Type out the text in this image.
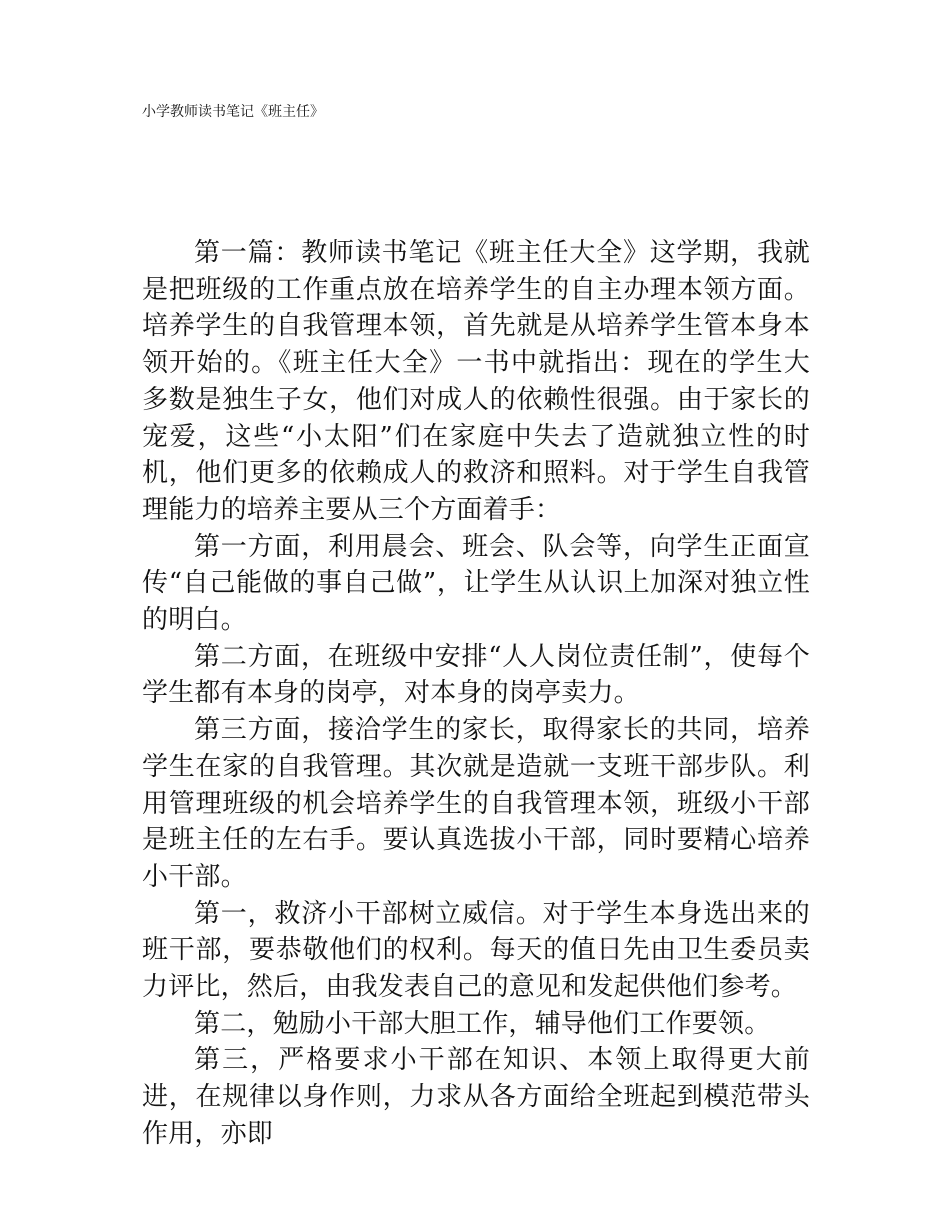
小学教师读书笔记《班主任》

第一篇：教师读书笔记《班主任大全》这学期，我就是把班级的工作重点放在培养学生的自主办理本领方面。培养学生的自我管理本领，首先就是从培养学生管本身本领开始的。《班主任大全》一书中就指出：现在的学生大多数是独生子女，他们对成人的依赖性很强。由于家长的宠爱，这些“小太阳”们在家庭中失去了造就独立性的时机，他们更多的依赖成人的救济和照料。对于学生自我管理能力的培养主要从三个方面着手：

第一方面，利用晨会、班会、队会等，向学生正面宣传“自己能做的事自己做”，让学生从认识上加深对独立性的明白。

第二方面，在班级中安排“人人岗位责任制”，使每个学生都有本身的岗亭，对本身的岗亭卖力。

第三方面，接洽学生的家长，取得家长的共同，培养学生在家的自我管理。其次就是造就一支班干部步队。利用管理班级的机会培养学生的自我管理本领，班级小干部是班主任的左右手。要认真选拔小干部，同时要精心培养小干部。

第一，救济小干部树立威信。对于学生本身选出来的班干部，要恭敬他们的权利。每天的值日先由卫生委员卖力评比，然后，由我发表自己的意见和发起供他们参考。

第二，勉励小干部大胆工作，辅导他们工作要领。

第三，严格要求小干部在知识、本领上取得更大前进，在规律以身作则，力求从各方面给全班起到模范带头作用，亦即
